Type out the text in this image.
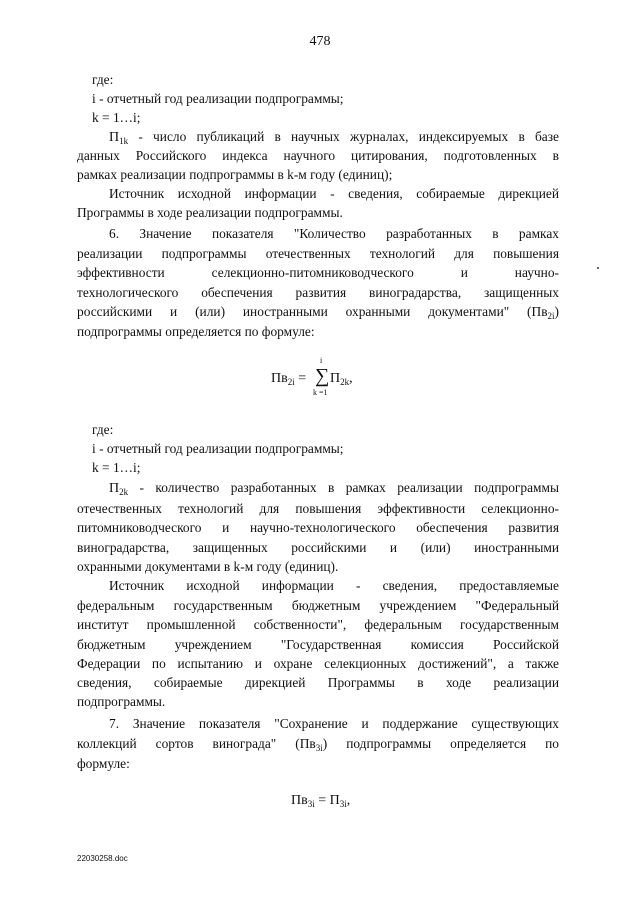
478
где:
i - отчетный год реализации подпрограммы;
k = 1…i;
$П_{1k}$ - число публикаций в научных журналах, индексируемых в базе
данных Российского индекса научного цитирования, подготовленных в
рамках реализации подпрограммы в k-м году (единиц);
Источник исходной информации - сведения, собираемые дирекцией
Программы в ходе реализации подпрограммы.
6. Значение показателя "Количество разработанных в рамках
реализации подпрограммы отечественных технологий для повышения
эффективности селекционно-питомниководческого и научно-
технологического обеспечения развития виноградарства, защищенных
российскими и (или) иностранными охранными документами" $(Пв_{2i})$
подпрограммы определяется по формуле:
$Пв_{2i}$ =
i
∑
k =1
$П_{2k}$,
где:
i - отчетный год реализации подпрограммы;
k = 1…i;
$П_{2k}$ - количество разработанных в рамках реализации подпрограммы
отечественных технологий для повышения эффективности селекционно-
питомниководческого и научно-технологического обеспечения развития
виноградарства, защищенных российскими и (или) иностранными
охранными документами в k-м году (единиц).
Источник исходной информации - сведения, предоставляемые
федеральным государственным бюджетным учреждением "Федеральный
институт промышленной собственности", федеральным государственным
бюджетным учреждением "Государственная комиссия Российской
Федерации по испытанию и охране селекционных достижений", а также
сведения, собираемые дирекцией Программы в ходе реализации
подпрограммы.
7. Значение показателя "Сохранение и поддержание существующих
коллекций сортов винограда" $(Пв_{3i})$ подпрограммы определяется по
формуле:
$Пв_{3i} = П_{3i}$,
22030258.doc
